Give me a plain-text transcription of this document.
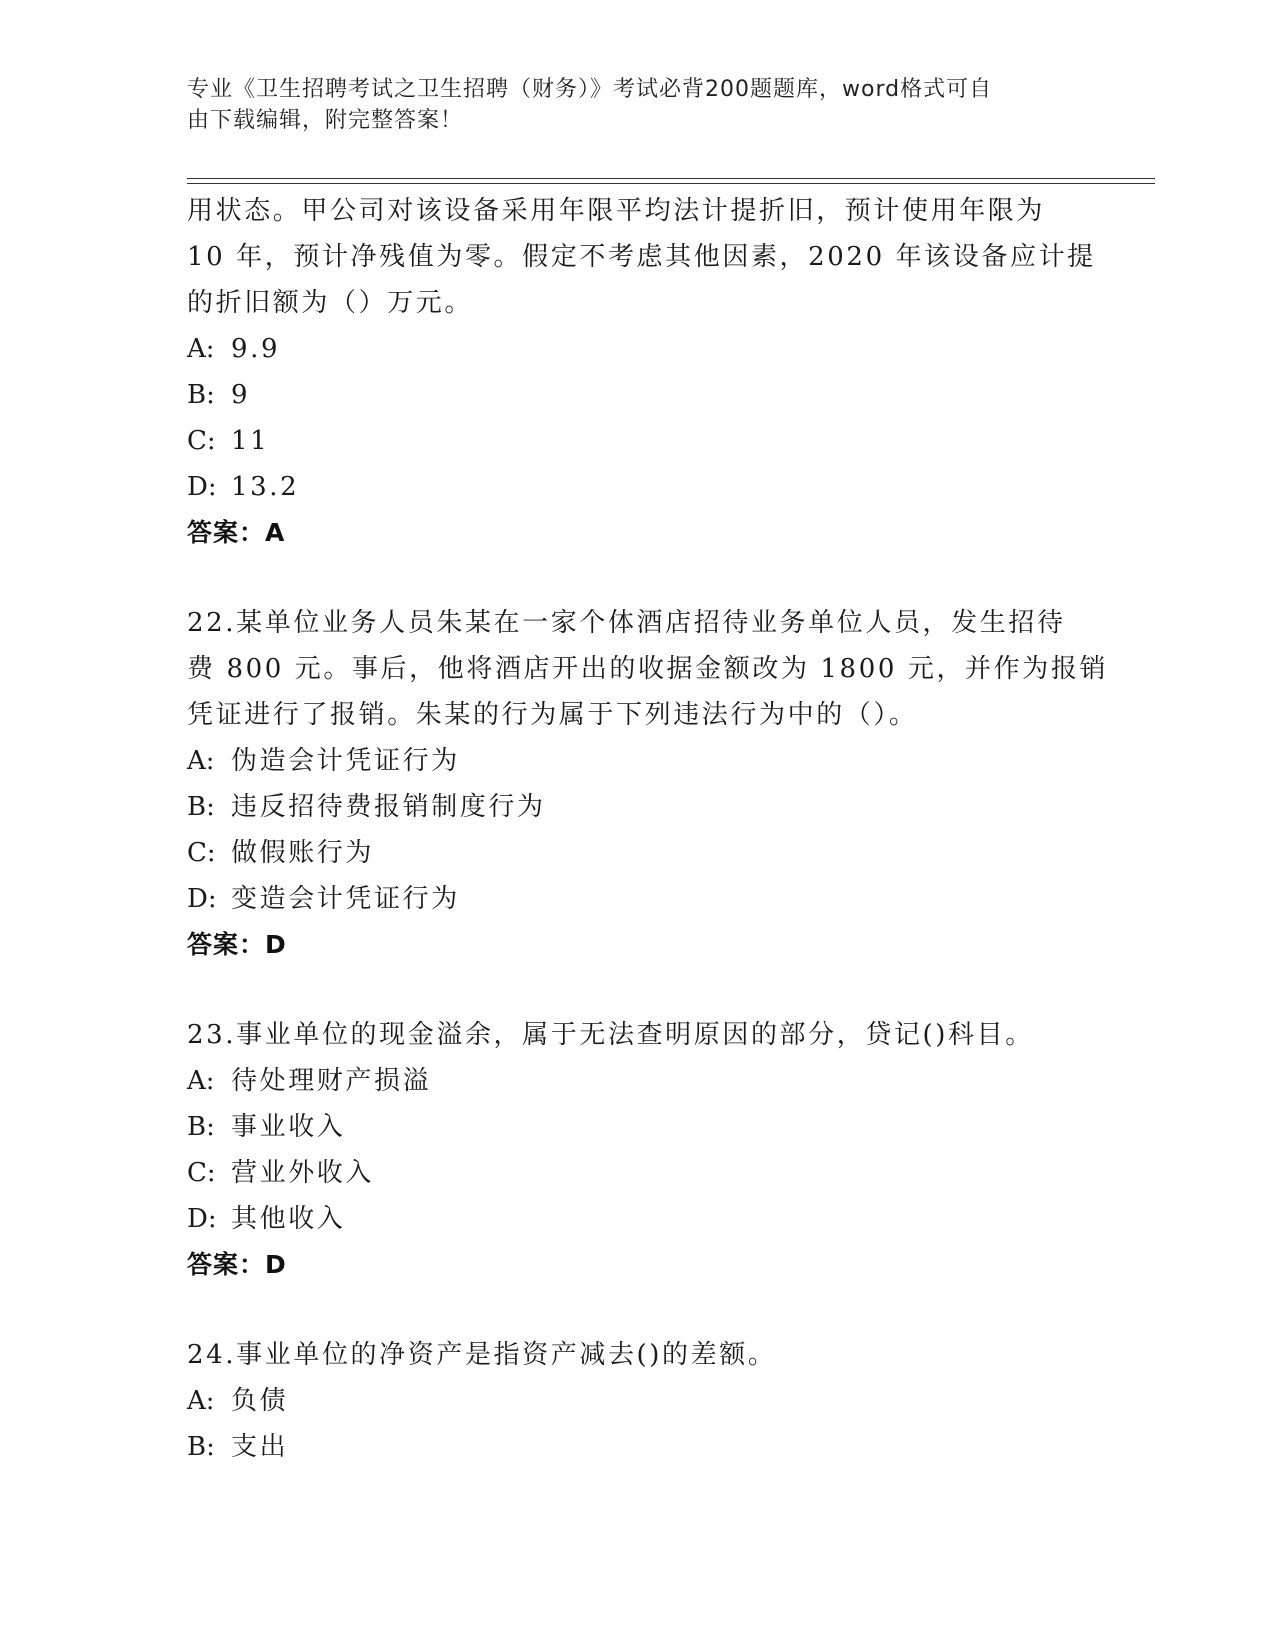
专业《卫生招聘考试之卫生招聘（财务）》考试必背200题题库，word格式可自
由下载编辑，附完整答案！
用状态。甲公司对该设备采用年限平均法计提折旧，预计使用年限为
10 年，预计净残值为零。假定不考虑其他因素，2020 年该设备应计提
的折旧额为（）万元。
A: 9.9
B: 9
C: 11
D: 13.2
答案：A
22.某单位业务人员朱某在一家个体酒店招待业务单位人员，发生招待
费 800 元。事后，他将酒店开出的收据金额改为 1800 元，并作为报销
凭证进行了报销。朱某的行为属于下列违法行为中的（）。
A: 伪造会计凭证行为
B: 违反招待费报销制度行为
C: 做假账行为
D: 变造会计凭证行为
答案：D
23.事业单位的现金溢余，属于无法查明原因的部分，贷记()科目。
A: 待处理财产损溢
B: 事业收入
C: 营业外收入
D: 其他收入
答案：D
24.事业单位的净资产是指资产减去()的差额。
A: 负债
B: 支出
